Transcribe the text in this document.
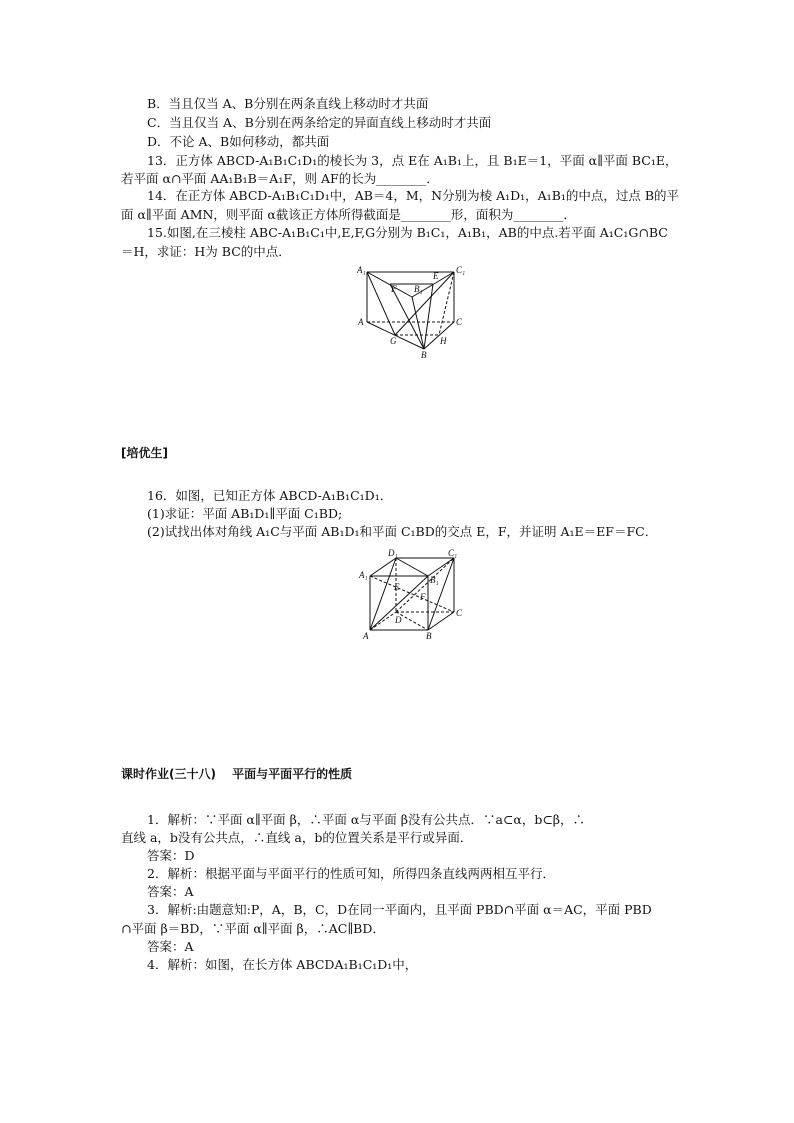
B．当且仅当 A、B分别在两条直线上移动时才共面
C．当且仅当 A、B分别在两条给定的异面直线上移动时才共面
D．不论 A、B如何移动，都共面
13．正方体 ABCD-A₁B₁C₁D₁的棱长为 3，点 E在 A₁B₁上，且 B₁E＝1，平面 α∥平面 BC₁E，
若平面 α∩平面 AA₁B₁B＝A₁F，则 AF的长为________．
14．在正方体 ABCD-A₁B₁C₁D₁中，AB＝4，M，N分别为棱 A₁D₁，A₁B₁的中点，过点 B的平
面 α∥平面 AMN，则平面 α截该正方体所得截面是________形，面积为________．
15.如图,在三棱柱 ABC-A₁B₁C₁中,E,F,G分别为 B₁C₁，A₁B₁，AB的中点.若平面 A₁C₁G∩BC
＝H，求证：H为 BC的中点．
A₁	C₁
B₁
E
F
A	C
G	H
B
[培优生]
16．如图，已知正方体 ABCD-A₁B₁C₁D₁．
(1)求证：平面 AB₁D₁∥平面 C₁BD;
(2)试找出体对角线 A₁C与平面 AB₁D₁和平面 C₁BD的交点 E，F，并证明 A₁E＝EF＝FC．
D₁	C₁
A₁	B₁
E
F
D
C
A	B
课时作业(三十八)　 平面与平面平行的性质
1．解析：∵平面 α∥平面 β，∴平面 α与平面 β没有公共点．∵a⊂α，b⊂β，∴
直线 a，b没有公共点，∴直线 a，b的位置关系是平行或异面．
答案：D
2．解析：根据平面与平面平行的性质可知，所得四条直线两两相互平行．
答案：A
3．解析:由题意知:P，A，B，C，D在同一平面内，且平面 PBD∩平面 α＝AC，平面 PBD
∩平面 β＝BD，∵平面 α∥平面 β，∴AC∥BD．
答案：A
4．解析：如图，在长方体 ABCDA₁B₁C₁D₁中，
